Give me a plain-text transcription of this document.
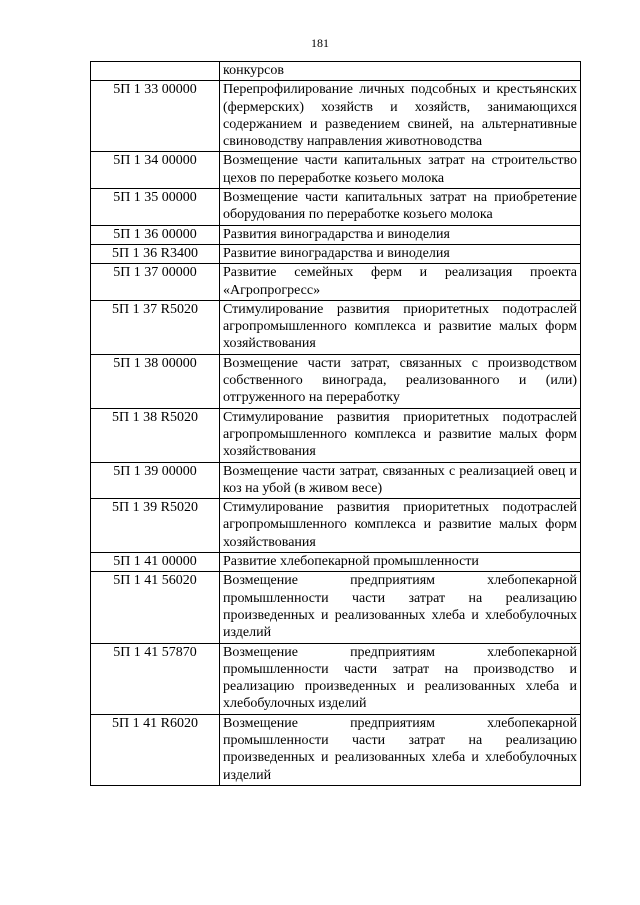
181
	конкурсов
5П 1 33 00000	Перепрофилирование личных подсобных и крестьянских (фермерских) хозяйств и хозяйств, занимающихся содержанием и разведением свиней, на альтернативные свиноводству направления животноводства
5П 1 34 00000	Возмещение части капитальных затрат на строительство цехов по переработке козьего молока
5П 1 35 00000	Возмещение части капитальных затрат на приобретение оборудования по переработке козьего молока
5П 1 36 00000	Развития виноградарства и виноделия
5П 1 36 R3400	Развитие виноградарства и виноделия
5П 1 37 00000	Развитие семейных ферм и реализация проекта «Агропрогресс»
5П 1 37 R5020	Стимулирование развития приоритетных подотраслей агропромышленного комплекса и развитие малых форм хозяйствования
5П 1 38 00000	Возмещение части затрат, связанных с производством собственного винограда, реализованного и (или) отгруженного на переработку
5П 1 38 R5020	Стимулирование развития приоритетных подотраслей агропромышленного комплекса и развитие малых форм хозяйствования
5П 1 39 00000	Возмещение части затрат, связанных с реализацией овец и коз на убой (в живом весе)
5П 1 39 R5020	Стимулирование развития приоритетных подотраслей агропромышленного комплекса и развитие малых форм хозяйствования
5П 1 41 00000	Развитие хлебопекарной промышленности
5П 1 41 56020	Возмещение предприятиям хлебопекарной промышленности части затрат на реализацию произведенных и реализованных хлеба и хлебобулочных изделий
5П 1 41 57870	Возмещение предприятиям хлебопекарной промышленности части затрат на производство и реализацию произведенных и реализованных хлеба и хлебобулочных изделий
5П 1 41 R6020	Возмещение предприятиям хлебопекарной промышленности части затрат на реализацию произведенных и реализованных хлеба и хлебобулочных изделий
